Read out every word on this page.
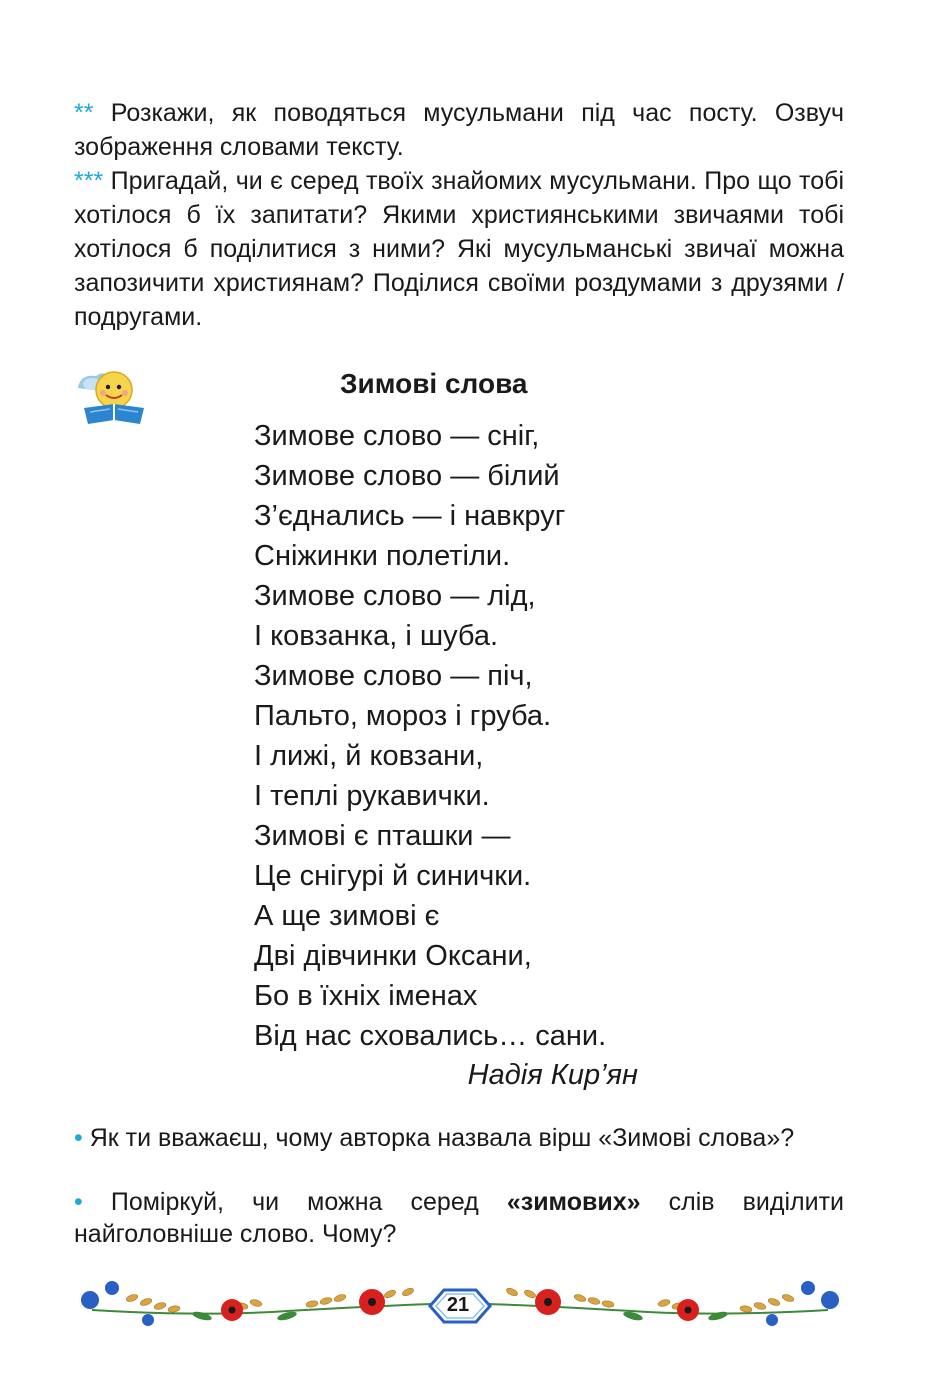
** Розкажи, як поводяться мусульмани під час посту. Озвуч зображення словами тексту.

*** Пригадай, чи є серед твоїх знайомих мусульмани. Про що тобі хотілося б їх запитати? Якими християнськими звичаями тобі хотілося б поділитися з ними? Які мусульманські звичаї можна запозичити християнам? Поділися своїми роздумами з друзями / подругами.

Зимові слова
Зимове слово — сніг,
Зимове слово — білий
З’єднались — і навкруг
Сніжинки полетіли.
Зимове слово — лід,
І ковзанка, і шуба.
Зимове слово — піч,
Пальто, мороз і груба.
І лижі, й ковзани,
І теплі рукавички.
Зимові є пташки —
Це снігурі й синички.
А ще зимові є
Дві дівчинки Оксани,
Бо в їхніх іменах
Від нас сховались… сани.

Надія Кир’ян

• Як ти вважаєш, чому авторка назвала вірш «Зимові слова»?

• Поміркуй, чи можна серед «зимових» слів виділити найголовніше слово. Чому?

21
